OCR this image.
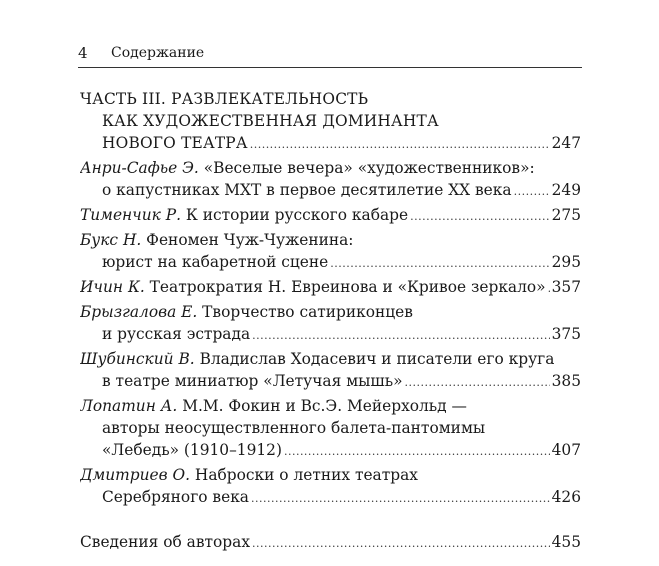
4 Содержание
ЧАСТЬ III. РАЗВЛЕКАТЕЛЬНОСТЬ
КАК ХУДОЖЕСТВЕННАЯ ДОМИНАНТА
НОВОГО ТЕАТРА .....	247
Анри-Сафье Э. «Веселые вечера» «художественников»:
о капустниках МХТ в первое десятилетие XX века .....	249
Тименчик Р. К истории русского кабаре .....	275
Букс Н. Феномен Чуж-Чуженина:
юрист на кабаретной сцене .....	295
Ичин К. Театрократия Н. Евреинова и «Кривое зеркало» ..... 357
Брызгалова Е. Творчество сатириконцев
и русская эстрада .....	375
Шубинский В. Владислав Ходасевич и писатели его круга
в театре миниатюр «Летучая мышь» .....	385
Лопатин А. М.М. Фокин и Вс.Э. Мейерхольд —
авторы неосуществленного балета-пантомимы
«Лебедь» (1910–1912) .....	407
Дмитриев О. Наброски о летних театрах
Серебряного века .....	426
Сведения об авторах .....	455
